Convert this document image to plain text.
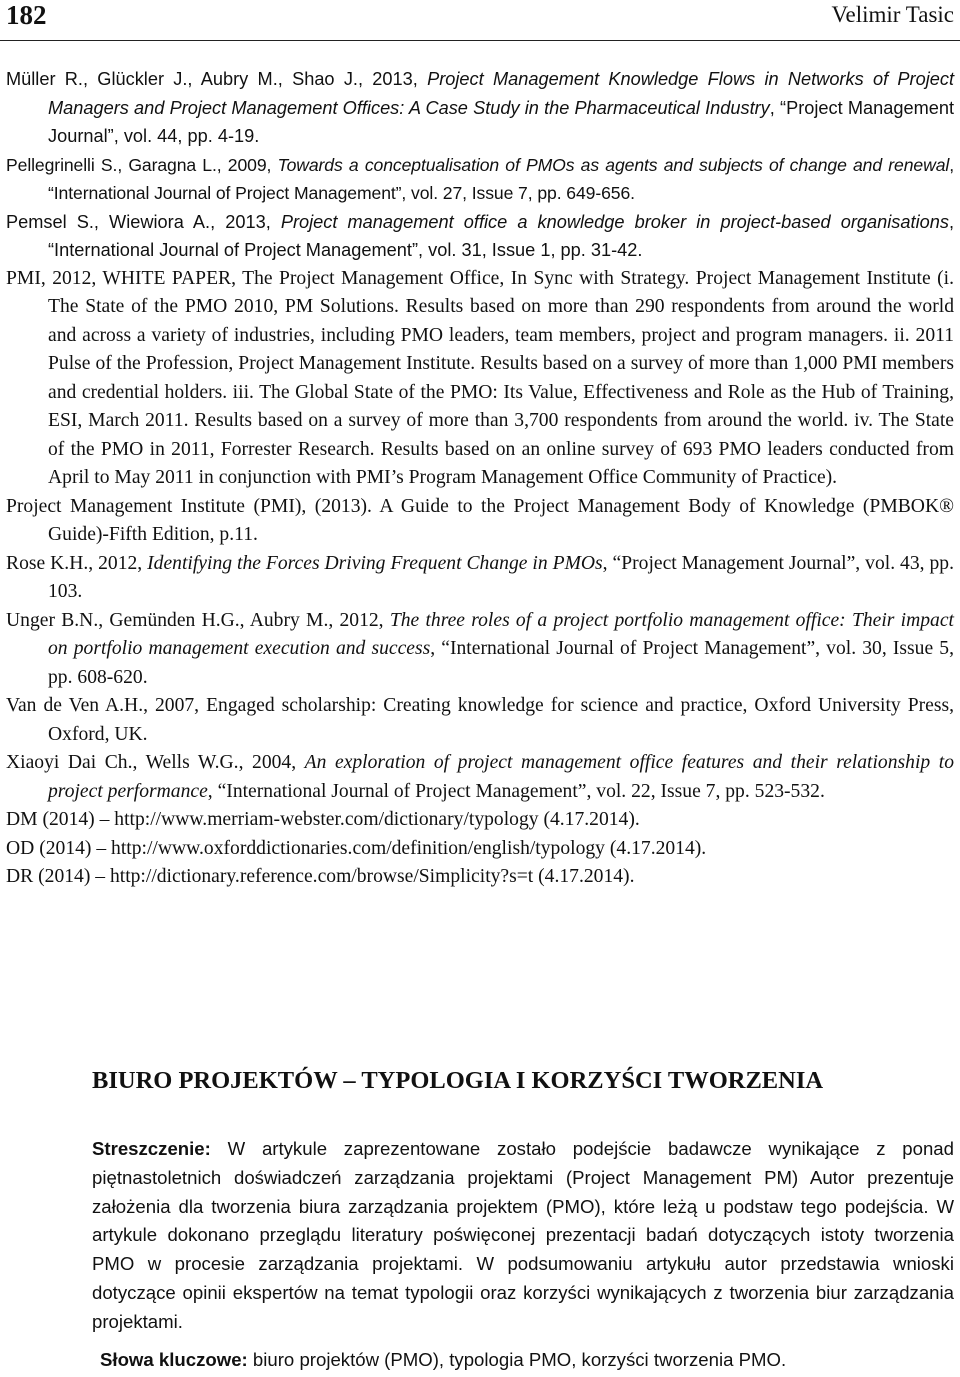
182	Velimir Tasic

Müller R., Glückler J., Aubry M., Shao J., 2013, Project Management Knowledge Flows in Networks of Project Managers and Project Management Offices: A Case Study in the Pharmaceutical Industry, “Project Management Journal”, vol. 44, pp. 4-19.

Pellegrinelli S., Garagna L., 2009, Towards a conceptualisation of PMOs as agents and subjects of change and renewal, “International Journal of Project Management”, vol. 27, Issue 7, pp. 649-656.

Pemsel S., Wiewiora A., 2013, Project management office a knowledge broker in project-based organisations, “International Journal of Project Management”, vol. 31, Issue 1, pp. 31-42.

PMI, 2012, WHITE PAPER, The Project Management Office, In Sync with Strategy. Project Management Institute (i. The State of the PMO 2010, PM Solutions. Results based on more than 290 respondents from around the world and across a variety of industries, including PMO leaders, team members, project and program managers. ii. 2011 Pulse of the Profession, Project Management Institute. Results based on a survey of more than 1,000 PMI members and credential holders. iii. The Global State of the PMO: Its Value, Effectiveness and Role as the Hub of Training, ESI, March 2011. Results based on a survey of more than 3,700 respondents from around the world. iv. The State of the PMO in 2011, Forrester Research. Results based on an online survey of 693 PMO leaders conducted from April to May 2011 in conjunction with PMI’s Program Management Office Community of Practice).

Project Management Institute (PMI), (2013). A Guide to the Project Management Body of Knowledge (PMBOK® Guide)-Fifth Edition, p.11.

Rose K.H., 2012, Identifying the Forces Driving Frequent Change in PMOs, “Project Management Journal”, vol. 43, pp. 103.

Unger B.N., Gemünden H.G., Aubry M., 2012, The three roles of a project portfolio management office: Their impact on portfolio management execution and success, “International Journal of Project Management”, vol. 30, Issue 5, pp. 608-620.

Van de Ven A.H., 2007, Engaged scholarship: Creating knowledge for science and practice, Oxford University Press, Oxford, UK.

Xiaoyi Dai Ch., Wells W.G., 2004, An exploration of project management office features and their relationship to project performance, “International Journal of Project Management”, vol. 22, Issue 7, pp. 523-532.

DM (2014) – http://www.merriam-webster.com/dictionary/typology (4.17.2014).

OD (2014) – http://www.oxforddictionaries.com/definition/english/typology (4.17.2014).

DR (2014) – http://dictionary.reference.com/browse/Simplicity?s=t (4.17.2014).

BIURO PROJEKTÓW – TYPOLOGIA I KORZYŚCI TWORZENIA

Streszczenie: W artykule zaprezentowane zostało podejście badawcze wynikające z ponad piętnastoletnich doświadczeń zarządzania projektami (Project Management PM) Autor prezentuje założenia dla tworzenia biura zarządzania projektem (PMO), które leżą u podstaw tego podejścia. W artykule dokonano przeglądu literatury poświęconej prezentacji badań dotyczących istoty tworzenia PMO w procesie zarządzania projektami. W podsumowaniu artykułu autor przedstawia wnioski dotyczące opinii ekspertów na temat typologii oraz korzyści wynikających z tworzenia biur zarządzania projektami.

Słowa kluczowe: biuro projektów (PMO), typologia PMO, korzyści tworzenia PMO.
